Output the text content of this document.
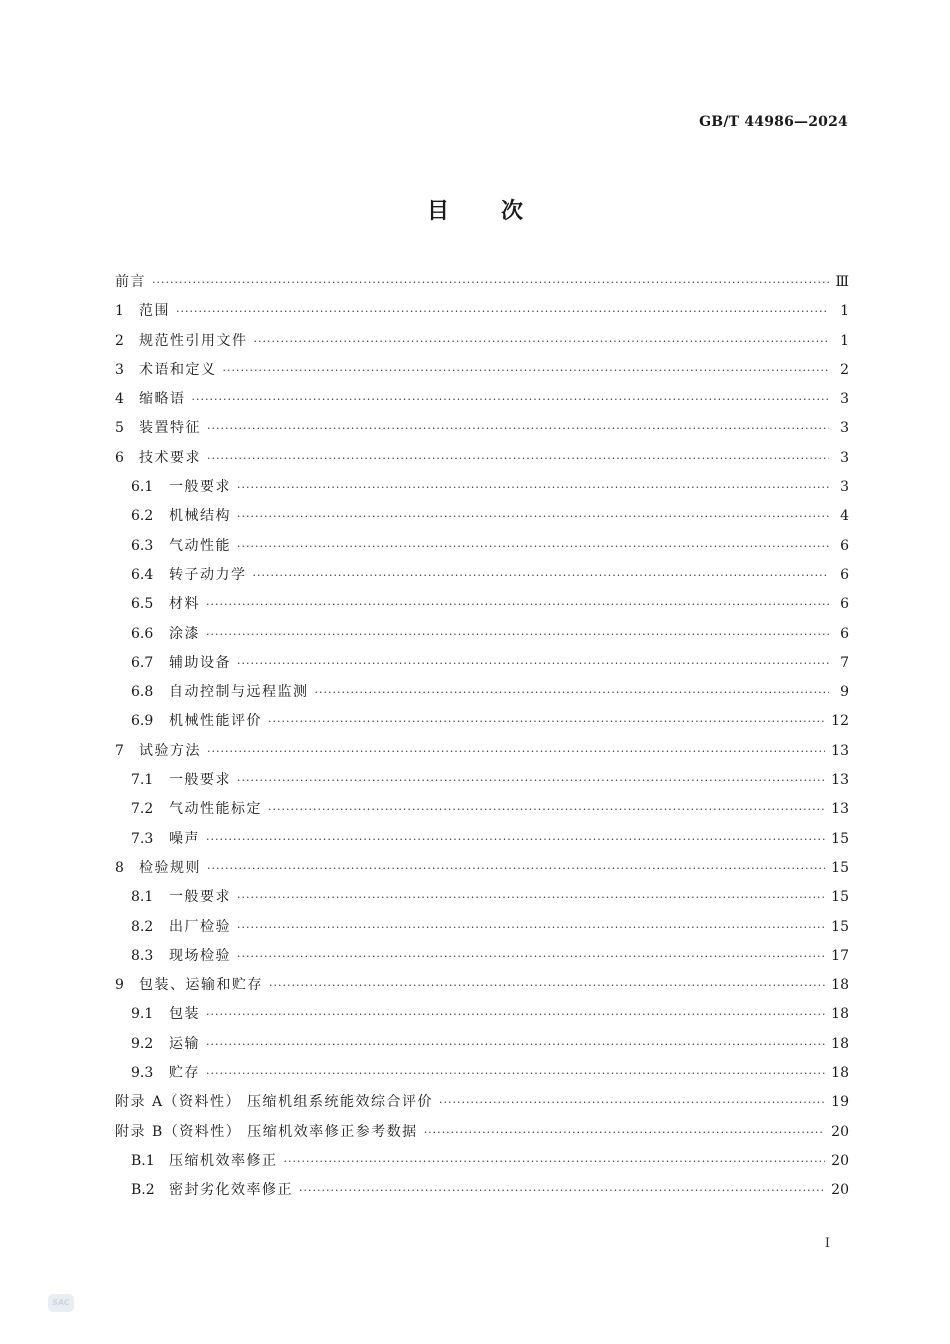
GB/T 44986—2024
目次
前言 ·····	Ⅲ
1	范围 ·····	1
2	规范性引用文件 ·····	1
3	术语和定义 ·····	2
4	缩略语 ·····	3
5	装置特征 ·····	3
6	技术要求 ·····	3
6.1	一般要求 ·····	3
6.2	机械结构 ·····	4
6.3	气动性能 ·····	6
6.4	转子动力学 ·····	6
6.5	材料 ·····	6
6.6	涂漆 ·····	6
6.7	辅助设备 ·····	7
6.8	自动控制与远程监测 ·····	9
6.9	机械性能评价 ·····	12
7	试验方法 ·····	13
7.1	一般要求 ·····	13
7.2	气动性能标定 ·····	13
7.3	噪声 ·····	15
8	检验规则 ·····	15
8.1	一般要求 ·····	15
8.2	出厂检验 ·····	15
8.3	现场检验 ·····	17
9	包装、运输和贮存 ·····	18
9.1	包装 ·····	18
9.2	运输 ·····	18
9.3	贮存 ·····	18
附录 A（资料性） 压缩机组系统能效综合评价 ·····	19
附录 B（资料性） 压缩机效率修正参考数据 ·····	20
B.1	压缩机效率修正 ·····	20
B.2	密封劣化效率修正 ·····	20
I
SAC
